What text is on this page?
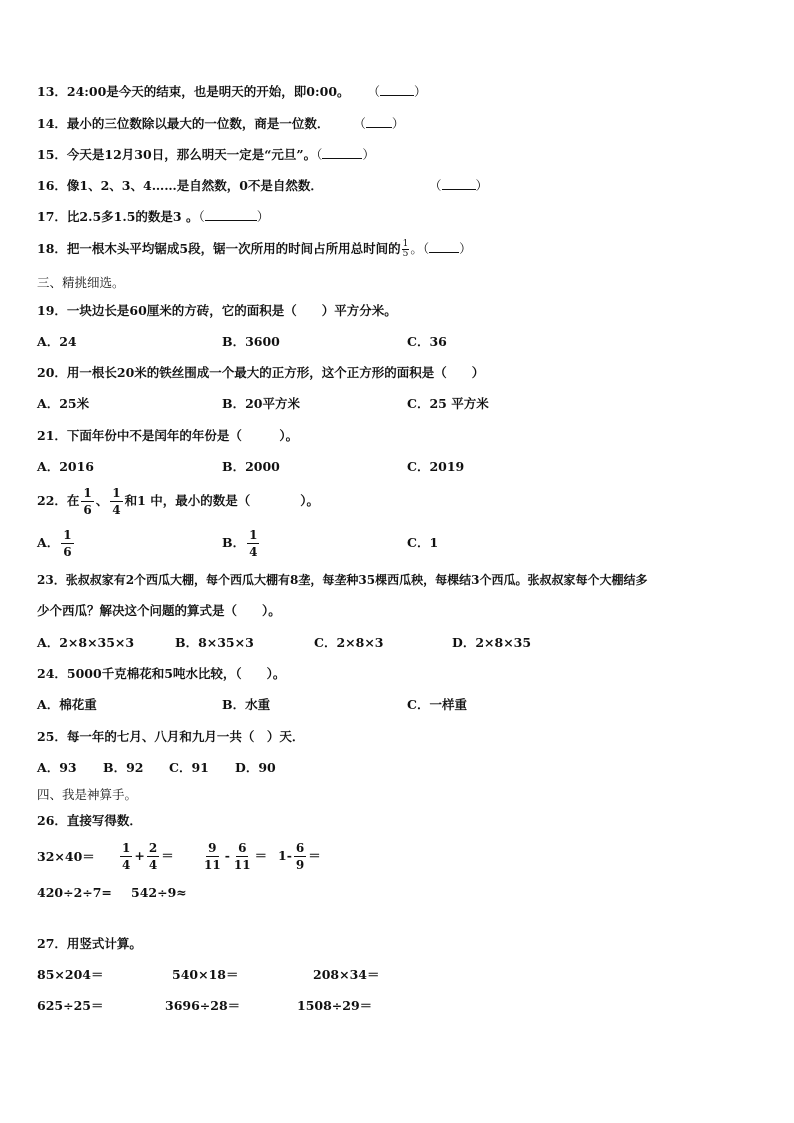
13．24:00是今天的结束，也是明天的开始，即0:00。 （	）
14．最小的三位数除以最大的一位数，商是一位数． （ ）
15．今天是12月30日，那么明天一定是“元旦”。（	）
16．像1、2、3、4……是自然数，0不是自然数．	（	）
17．比2.5多1.5的数是3 。（	）
18．把一根木头平均锯成5段，锯一次所用的时间占所用总时间的 $\frac{1}{5}$ 。（ ）
三、精挑细选。
19．一块边长是60厘米的方砖，它的面积是（　　）平方分米。
A．24	B．3600	C．36
20．用一根长20米的铁丝围成一个最大的正方形，这个正方形的面积是（　　）
A．25米	B．20平方米	C．25 平方米
21．下面年份中不是闰年的年份是（　　　）。
A．2016	B．2000	C．2019
22．在 $\frac{1}{6}$ 、 $\frac{1}{4}$ 和1 中，最小的数是（　　　　）。
A． $\frac{1}{6}$	B． $\frac{1}{4}$	C．1
23．张叔叔家有2个西瓜大棚，每个西瓜大棚有8垄，每垄种35棵西瓜秧，每棵结3个西瓜。张叔叔家每个大棚结多
少个西瓜？解决这个问题的算式是（　　）。
A．2×8×35×3	B．8×35×3	C．2×8×3	D．2×8×35
24．5000千克棉花和5吨水比较，（　　）。
A．棉花重	B．水重	C．一样重
25．每一年的七月、八月和九月一共（　）天．
A．93 B．92 C．91 D．90
四、我是神算手。
26．直接写得数．
$32\times 40= \frac{1}{4} + \frac{2}{4} = \frac{9}{11} - \frac{6}{11} = 1- \frac{6}{9}$ ＝
420÷2÷7= 542÷9≈
27．用竖式计算。
85×204＝	540×18＝	208×34＝
625÷25＝	3696÷28＝	1508÷29＝
